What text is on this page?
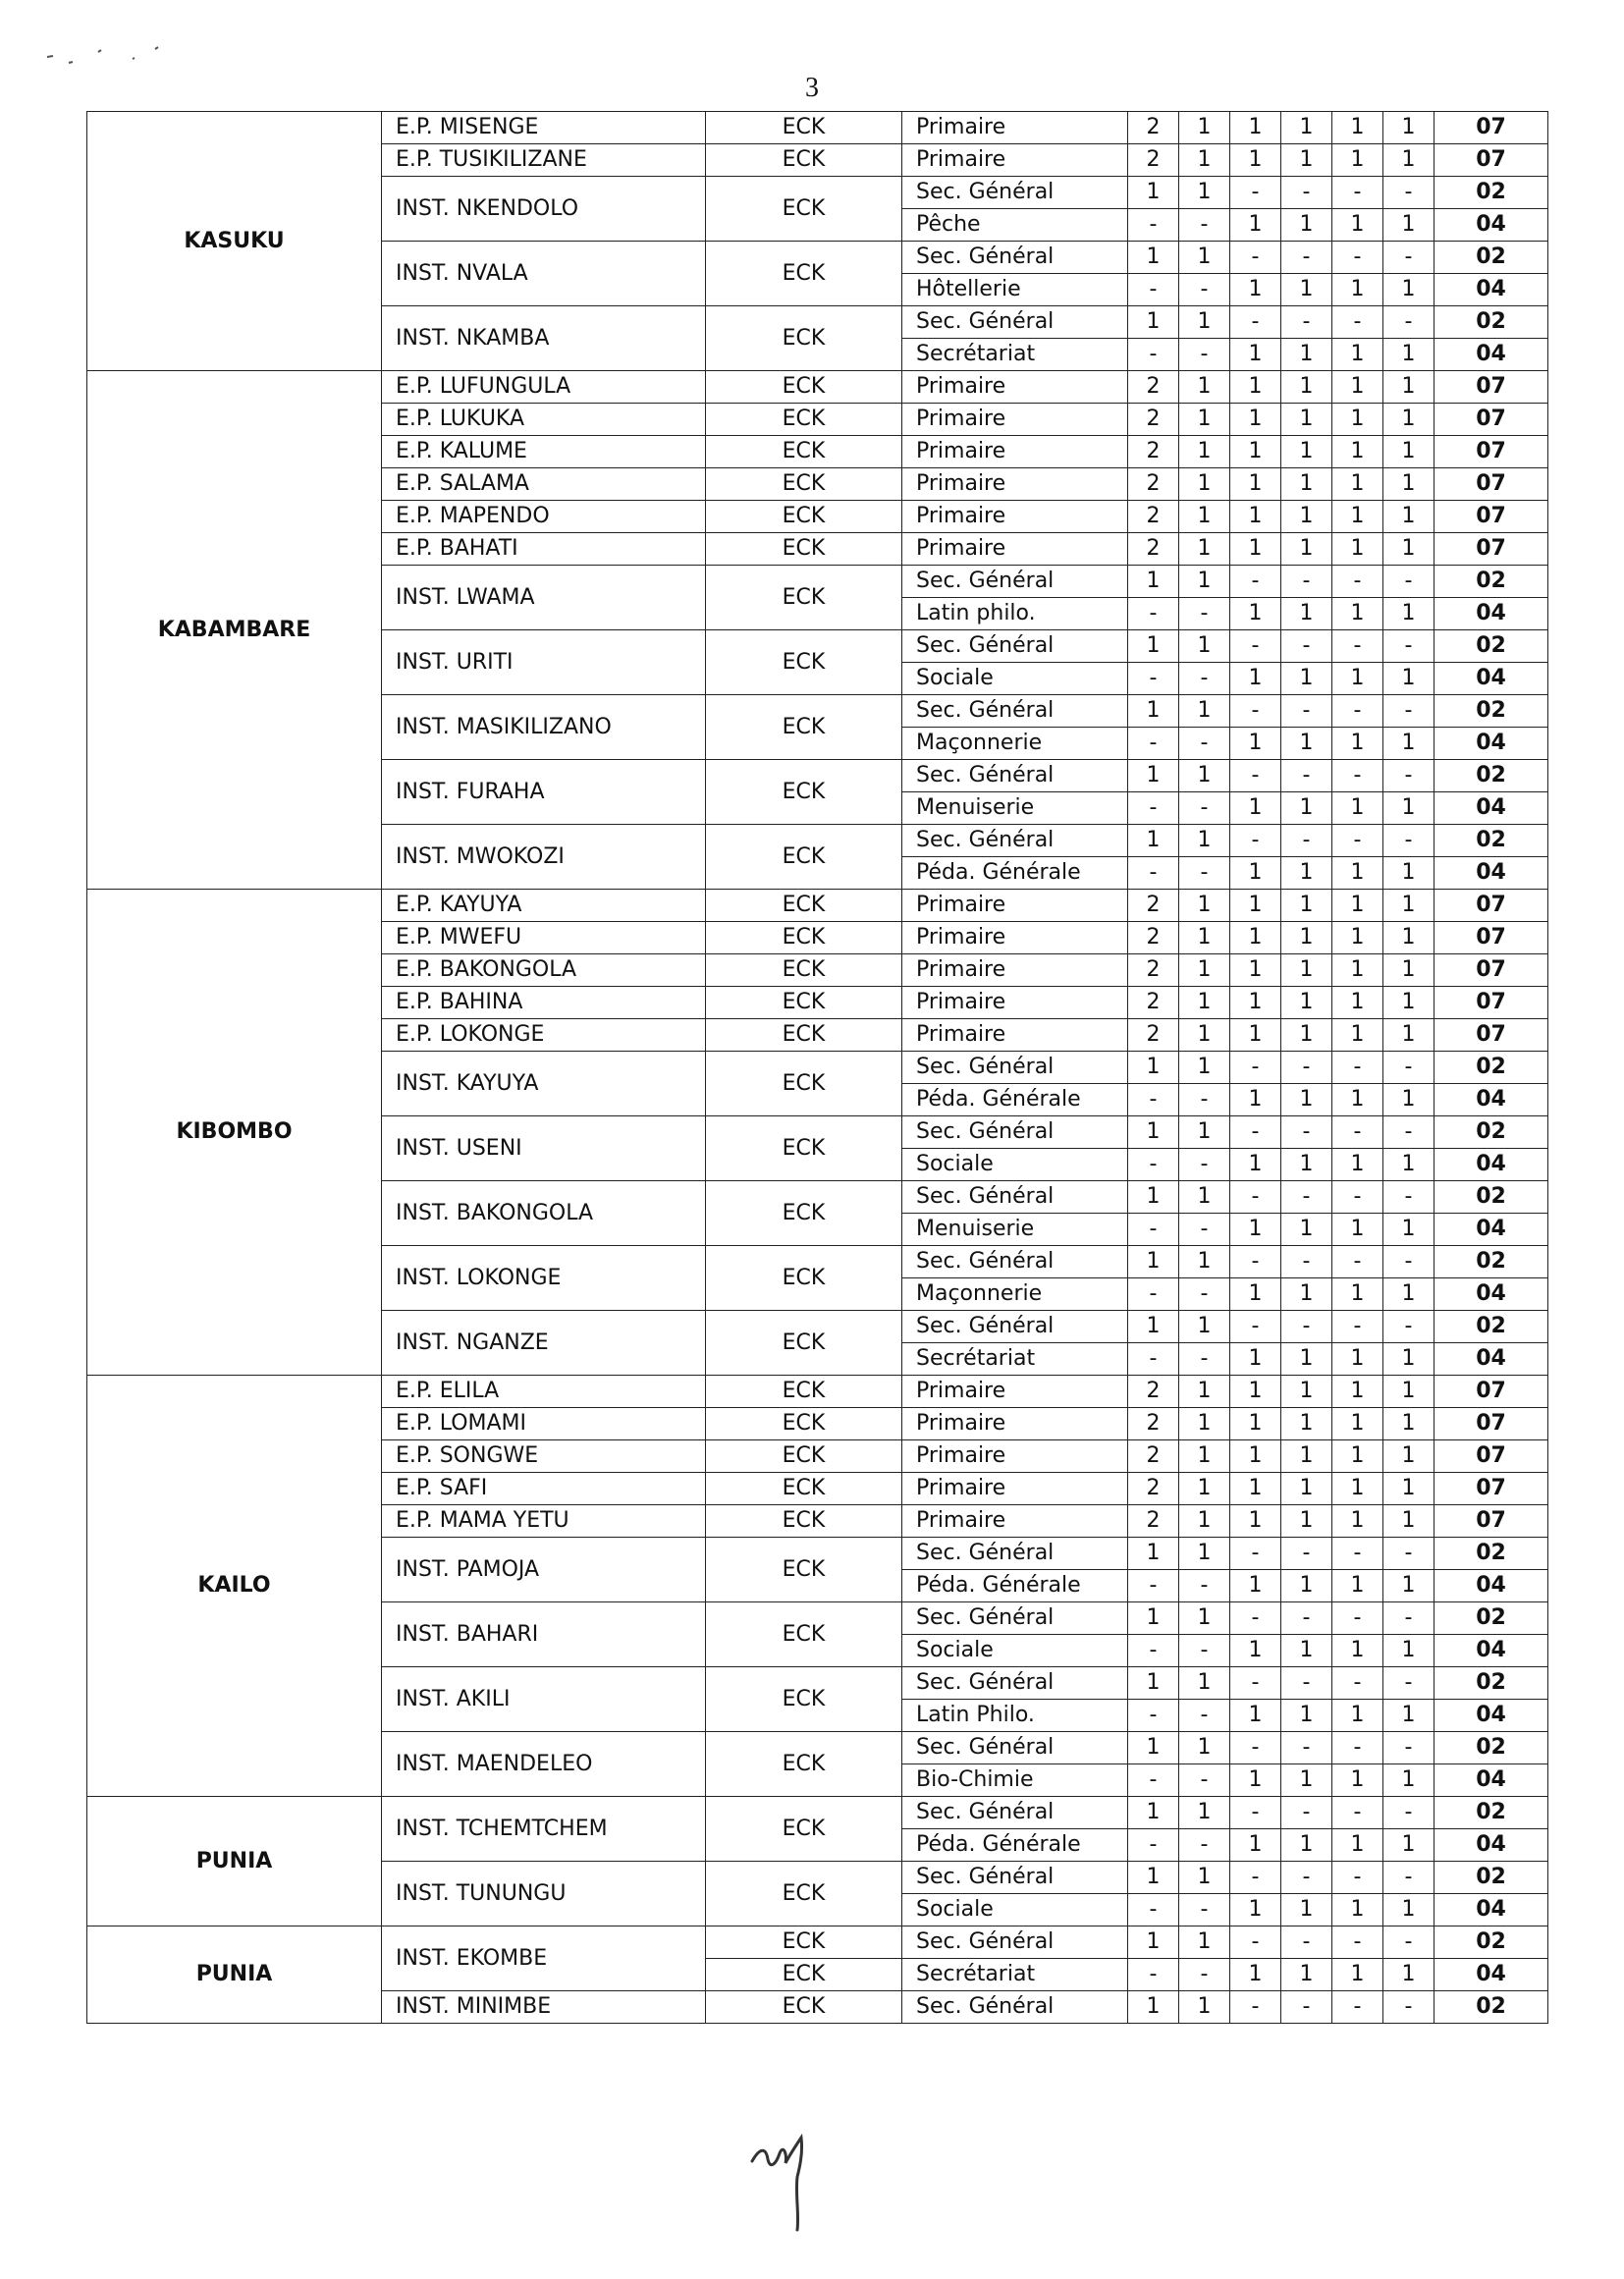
3
KASUKU	E.P. MISENGE	ECK	Primaire	2	1	1	1	1	1	07
	E.P. TUSIKILIZANE	ECK	Primaire	2	1	1	1	1	1	07
	INST. NKENDOLO	ECK	Sec. Général	1	1	-	-	-	-	02
			Pêche	-	-	1	1	1	1	04
	INST. NVALA	ECK	Sec. Général	1	1	-	-	-	-	02
			Hôtellerie	-	-	1	1	1	1	04
	INST. NKAMBA	ECK	Sec. Général	1	1	-	-	-	-	02
			Secrétariat	-	-	1	1	1	1	04
KABAMBARE	E.P. LUFUNGULA	ECK	Primaire	2	1	1	1	1	1	07
	E.P. LUKUKA	ECK	Primaire	2	1	1	1	1	1	07
	E.P. KALUME	ECK	Primaire	2	1	1	1	1	1	07
	E.P. SALAMA	ECK	Primaire	2	1	1	1	1	1	07
	E.P. MAPENDO	ECK	Primaire	2	1	1	1	1	1	07
	E.P. BAHATI	ECK	Primaire	2	1	1	1	1	1	07
	INST. LWAMA	ECK	Sec. Général	1	1	-	-	-	-	02
			Latin philo.	-	-	1	1	1	1	04
	INST. URITI	ECK	Sec. Général	1	1	-	-	-	-	02
			Sociale	-	-	1	1	1	1	04
	INST. MASIKILIZANO	ECK	Sec. Général	1	1	-	-	-	-	02
			Maçonnerie	-	-	1	1	1	1	04
	INST. FURAHA	ECK	Sec. Général	1	1	-	-	-	-	02
			Menuiserie	-	-	1	1	1	1	04
	INST. MWOKOZI	ECK	Sec. Général	1	1	-	-	-	-	02
			Péda. Générale	-	-	1	1	1	1	04
KIBOMBO	E.P. KAYUYA	ECK	Primaire	2	1	1	1	1	1	07
	E.P. MWEFU	ECK	Primaire	2	1	1	1	1	1	07
	E.P. BAKONGOLA	ECK	Primaire	2	1	1	1	1	1	07
	E.P. BAHINA	ECK	Primaire	2	1	1	1	1	1	07
	E.P. LOKONGE	ECK	Primaire	2	1	1	1	1	1	07
	INST. KAYUYA	ECK	Sec. Général	1	1	-	-	-	-	02
			Péda. Générale	-	-	1	1	1	1	04
	INST. USENI	ECK	Sec. Général	1	1	-	-	-	-	02
			Sociale	-	-	1	1	1	1	04
	INST. BAKONGOLA	ECK	Sec. Général	1	1	-	-	-	-	02
			Menuiserie	-	-	1	1	1	1	04
	INST. LOKONGE	ECK	Sec. Général	1	1	-	-	-	-	02
			Maçonnerie	-	-	1	1	1	1	04
	INST. NGANZE	ECK	Sec. Général	1	1	-	-	-	-	02
			Secrétariat	-	-	1	1	1	1	04
KAILO	E.P. ELILA	ECK	Primaire	2	1	1	1	1	1	07
	E.P. LOMAMI	ECK	Primaire	2	1	1	1	1	1	07
	E.P. SONGWE	ECK	Primaire	2	1	1	1	1	1	07
	E.P. SAFI	ECK	Primaire	2	1	1	1	1	1	07
	E.P. MAMA YETU	ECK	Primaire	2	1	1	1	1	1	07
	INST. PAMOJA	ECK	Sec. Général	1	1	-	-	-	-	02
			Péda. Générale	-	-	1	1	1	1	04
	INST. BAHARI	ECK	Sec. Général	1	1	-	-	-	-	02
			Sociale	-	-	1	1	1	1	04
	INST. AKILI	ECK	Sec. Général	1	1	-	-	-	-	02
			Latin Philo.	-	-	1	1	1	1	04
	INST. MAENDELEO	ECK	Sec. Général	1	1	-	-	-	-	02
			Bio-Chimie	-	-	1	1	1	1	04
PUNIA	INST. TCHEMTCHEM	ECK	Sec. Général	1	1	-	-	-	-	02
			Péda. Générale	-	-	1	1	1	1	04
	INST. TUNUNGU	ECK	Sec. Général	1	1	-	-	-	-	02
			Sociale	-	-	1	1	1	1	04
PUNIA	INST. EKOMBE	ECK	Sec. Général	1	1	-	-	-	-	02
		ECK	Secrétariat	-	-	1	1	1	1	04
	INST. MINIMBE	ECK	Sec. Général	1	1	-	-	-	-	02
